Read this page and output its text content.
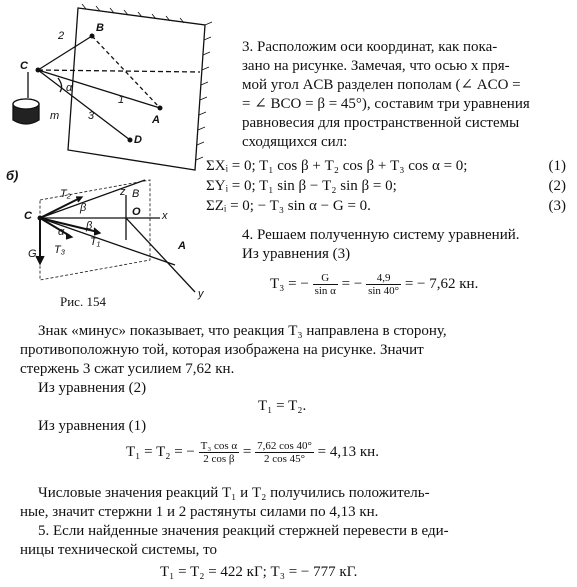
2
B
C
α
1
3	A
D
m
б)
B
z
O x
C
T₂
β
β
T₁
α
T₃
G
A
y
Рис. 154
3. Расположим оси координат, как пока-
зано на рисунке. Замечая, что осью x пря-
мой угол ACB разделен пополам (∠ ACO =
= ∠ BCO = β = 45°), составим три уравнения
равновесия для пространственной системы
сходящихся сил:
ΣXᵢ = 0; T₁ cos β + T₂ cos β + T₃ cos α = 0;	(1)
ΣYᵢ = 0; T₁ sin β − T₂ sin β = 0;	(2)
ΣZᵢ = 0; − T₃ sin α − G = 0.	(3)
4. Решаем полученную систему уравнений.
Из уравнения (3)
T₃ = − $\frac{G}{\text{sin α}}$ = − $\frac{4,9}{\sin 40^\circ}$ = − 7,62 кн.
Знак «минус» показывает, что реакция T₃ направлена в сторону,
противоположную той, которая изображена на рисунке. Значит
стержень 3 сжат усилием 7,62 кн.
Из уравнения (2)
T₁ = T₂.
Из уравнения (1)
T₁ = T₂ = − $\frac{\text{T₃ cos α}}{\text{2 cos β}} = \frac{7,62 \cos 40^\circ}{2 \cos 45^\circ} = 4,13$ кн.
Числовые значения реакций T₁ и T₂ получились положитель-
ные, значит стержни 1 и 2 растянуты силами по 4,13 кн.
5. Если найденные значения реакций стержней перевести в еди-
ницы технической системы, то
T₁ = T₂ = 422 кГ; T₃ = − 777 кГ.
